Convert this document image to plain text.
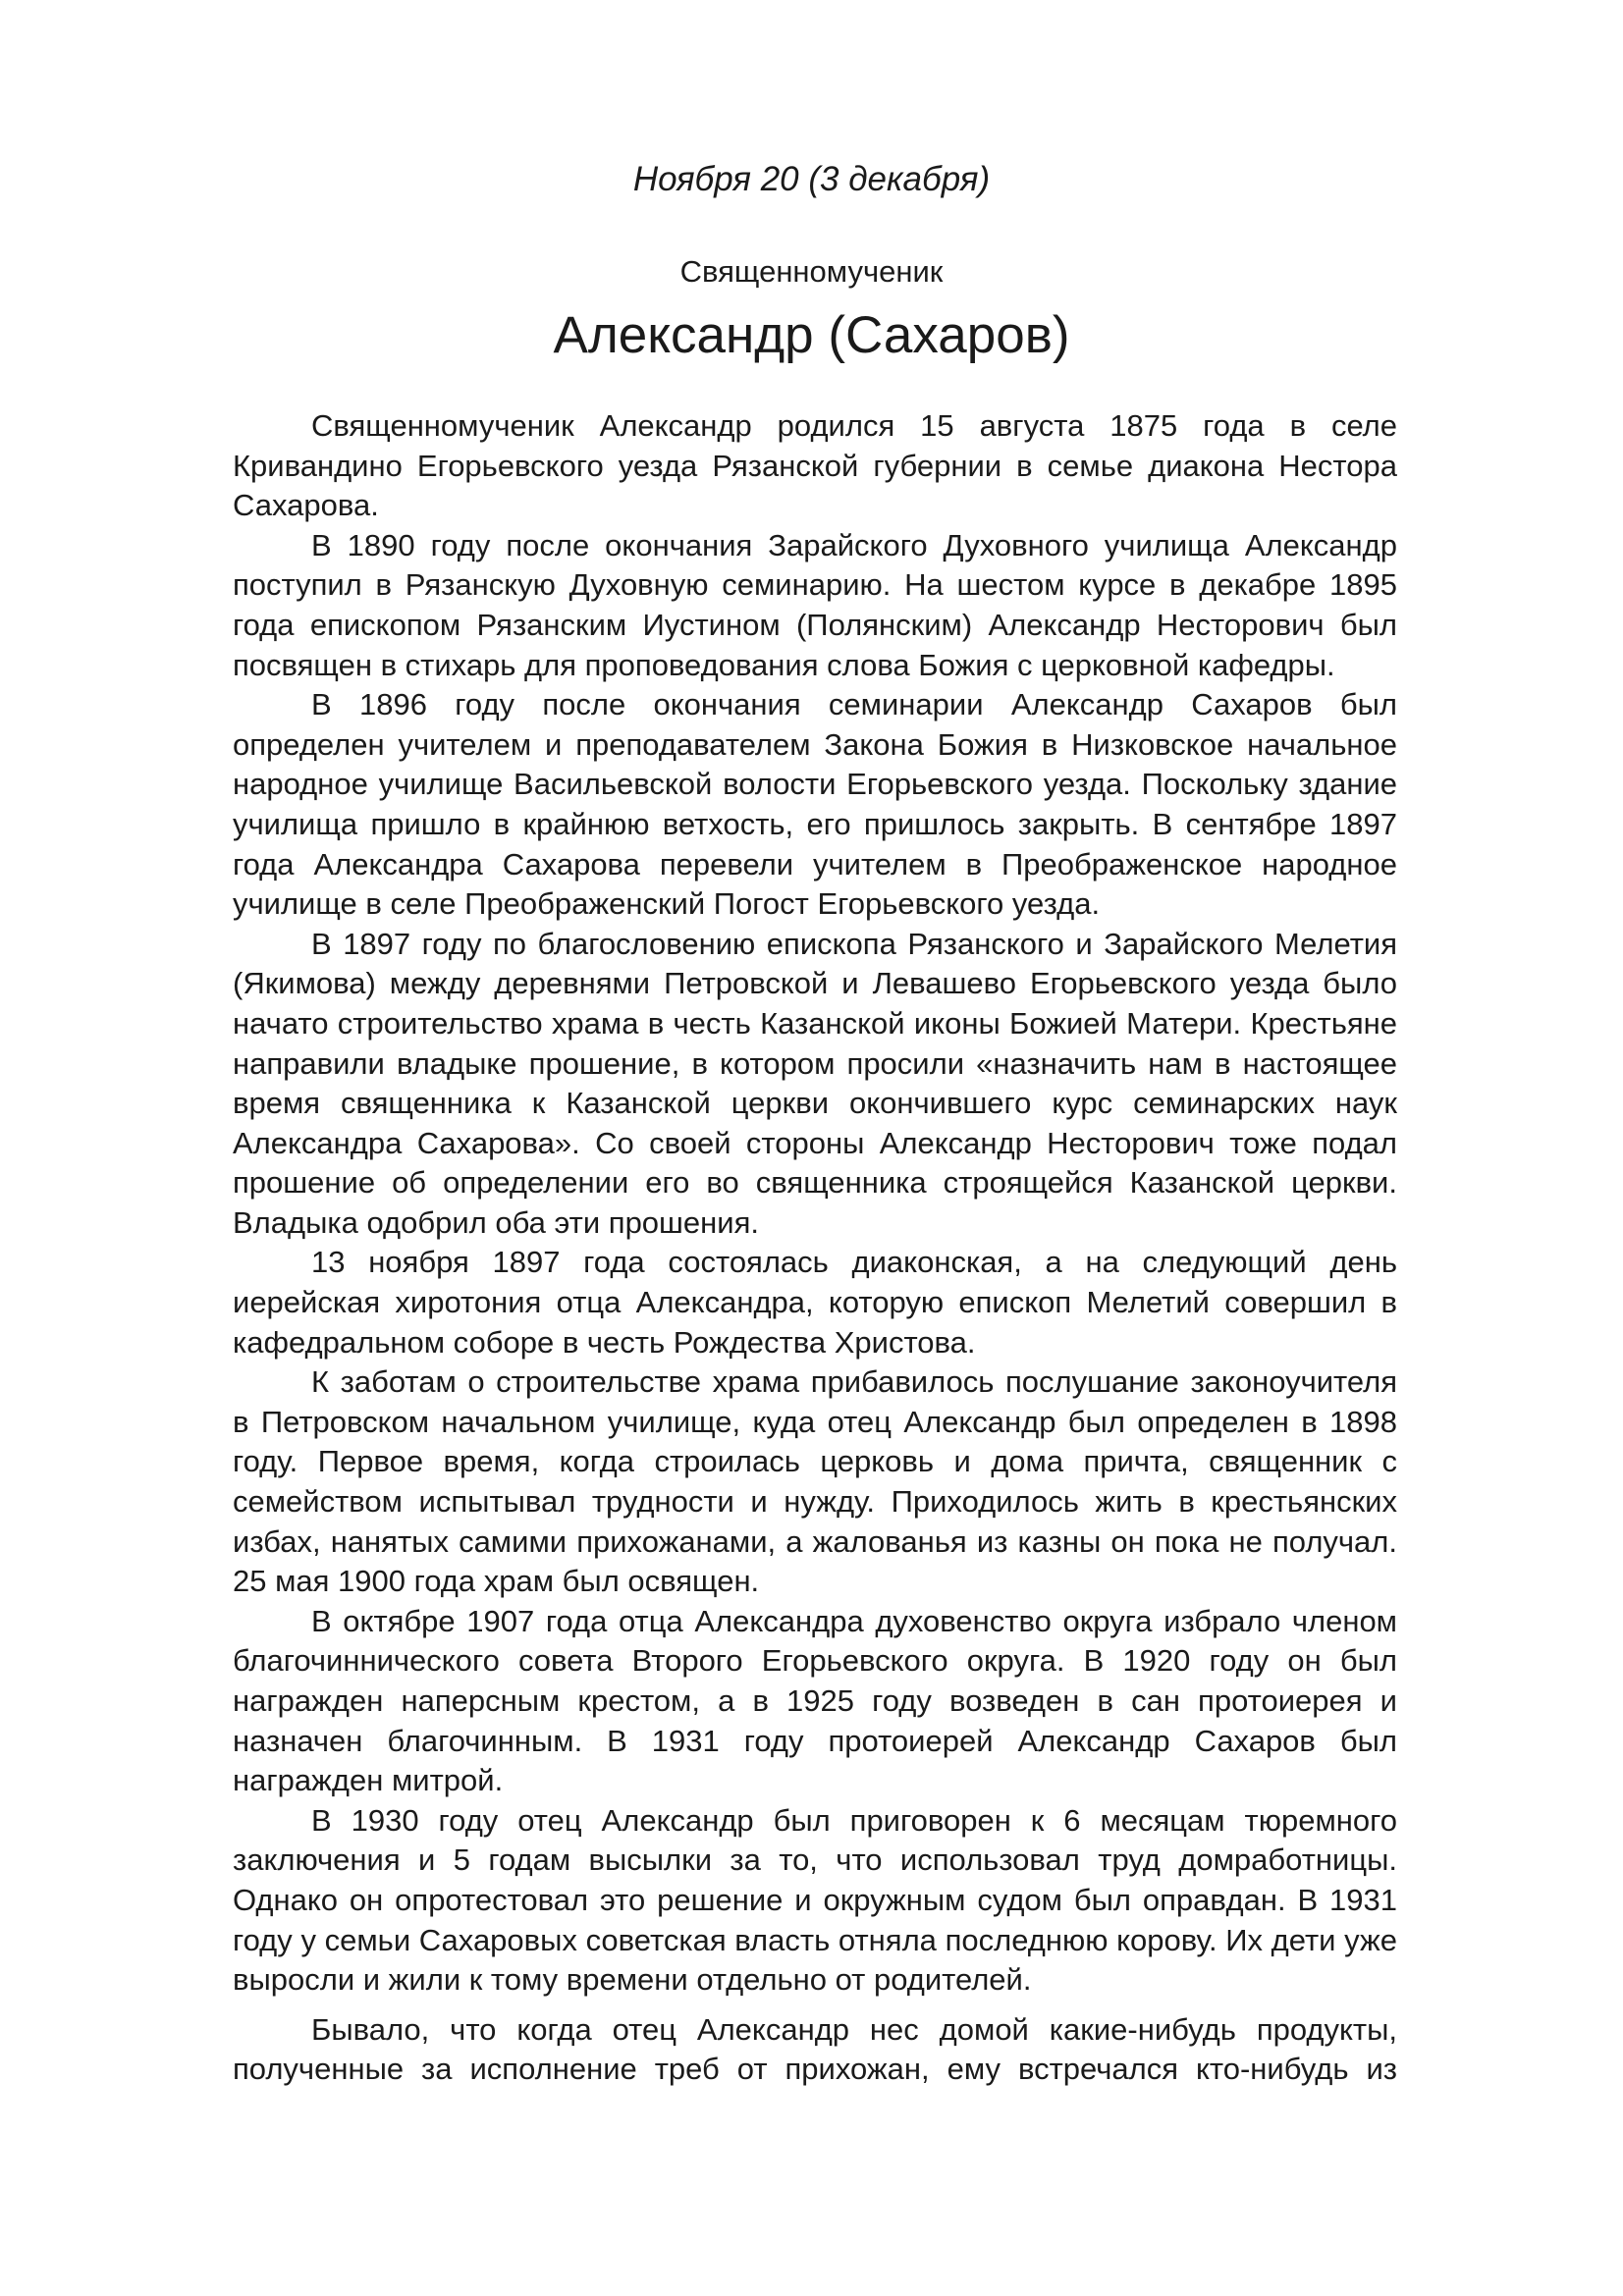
Ноября 20 (3 декабря)
Священномученик
Александр (Сахаров)

Священномученик Александр родился 15 августа 1875 года в селе Кривандино Егорьевского уезда Рязанской губернии в семье диакона Нестора Сахарова.

В 1890 году после окончания Зарайского Духовного училища Александр поступил в Рязанскую Духовную семинарию. На шестом курсе в декабре 1895 года епископом Рязанским Иустином (Полянским) Александр Несторович был посвящен в стихарь для проповедования слова Божия с церковной кафедры.

В 1896 году после окончания семинарии Александр Сахаров был определен учителем и преподавателем Закона Божия в Низковское начальное народное училище Васильевской волости Егорьевского уезда. Поскольку здание училища пришло в крайнюю ветхость, его пришлось закрыть. В сентябре 1897 года Александра Сахарова перевели учителем в Преображенское народное училище в селе Преображенский Погост Егорьевского уезда.

В 1897 году по благословению епископа Рязанского и Зарайского Мелетия (Якимова) между деревнями Петровской и Левашево Егорьевского уезда было начато строительство храма в честь Казанской иконы Божией Матери. Крестьяне направили владыке прошение, в котором просили «назначить нам в настоящее время священника к Казанской церкви окончившего курс семинарских наук Александра Сахарова». Со своей стороны Александр Несторович тоже подал прошение об определении его во священника строящейся Казанской церкви. Владыка одобрил оба эти прошения.

13 ноября 1897 года состоялась диаконская, а на следующий день иерейская хиротония отца Александра, которую епископ Мелетий совершил в кафедральном соборе в честь Рождества Христова.

К заботам о строительстве храма прибавилось послушание законоучителя в Петровском начальном училище, куда отец Александр был определен в 1898 году. Первое время, когда строилась церковь и дома причта, священник с семейством испытывал трудности и нужду. Приходилось жить в крестьянских избах, нанятых самими прихожанами, а жалованья из казны он пока не получал. 25 мая 1900 года храм был освящен.

В октябре 1907 года отца Александра духовенство округа избрало членом благочиннического совета Второго Егорьевского округа. В 1920 году он был награжден наперсным крестом, а в 1925 году возведен в сан протоиерея и назначен благочинным. В 1931 году протоиерей Александр Сахаров был награжден митрой.

В 1930 году отец Александр был приговорен к 6 месяцам тюремного заключения и 5 годам высылки за то, что использовал труд домработницы. Однако он опротестовал это решение и окружным судом был оправдан. В 1931 году у семьи Сахаровых советская власть отняла последнюю корову. Их дети уже выросли и жили к тому времени отдельно от родителей.

Бывало, что когда отец Александр нес домой какие-нибудь продукты, полученные за исполнение треб от прихожан, ему встречался кто-нибудь из
